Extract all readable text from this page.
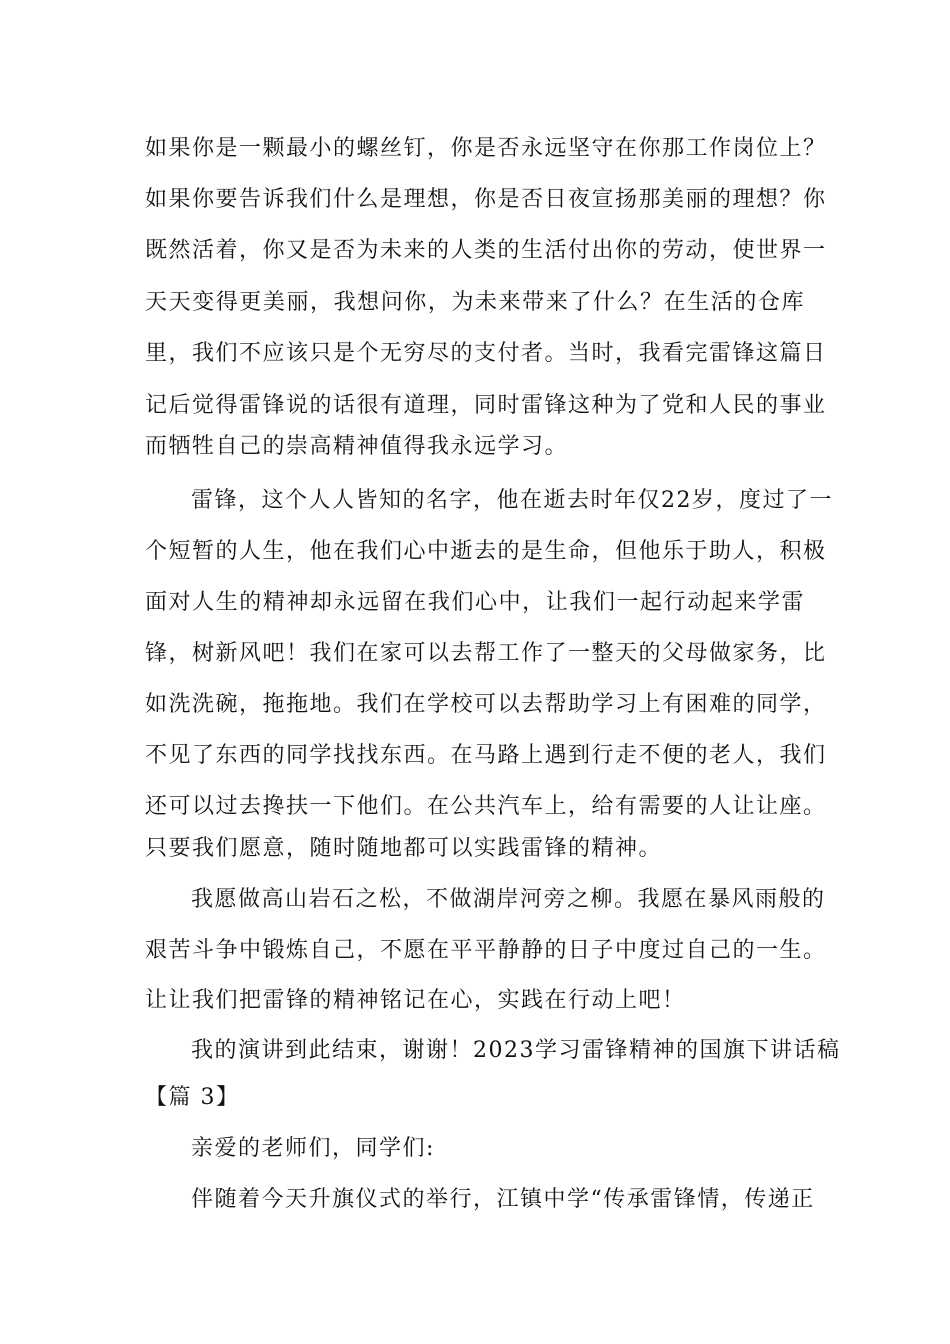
如果你是一颗最小的螺丝钉，你是否永远坚守在你那工作岗位上？
如果你要告诉我们什么是理想，你是否日夜宣扬那美丽的理想？你
既然活着，你又是否为未来的人类的生活付出你的劳动，使世界一
天天变得更美丽，我想问你，为未来带来了什么？在生活的仓库
里，我们不应该只是个无穷尽的支付者。当时，我看完雷锋这篇日
记后觉得雷锋说的话很有道理，同时雷锋这种为了党和人民的事业
而牺牲自己的崇高精神值得我永远学习。
雷锋，这个人人皆知的名字，他在逝去时年仅22岁，度过了一
个短暂的人生，他在我们心中逝去的是生命，但他乐于助人，积极
面对人生的精神却永远留在我们心中，让我们一起行动起来学雷
锋，树新风吧！我们在家可以去帮工作了一整天的父母做家务，比
如洗洗碗，拖拖地。我们在学校可以去帮助学习上有困难的同学，
不见了东西的同学找找东西。在马路上遇到行走不便的老人，我们
还可以过去搀扶一下他们。在公共汽车上，给有需要的人让让座。
只要我们愿意，随时随地都可以实践雷锋的精神。
我愿做高山岩石之松，不做湖岸河旁之柳。我愿在暴风雨般的
艰苦斗争中锻炼自己，不愿在平平静静的日子中度过自己的一生。
让让我们把雷锋的精神铭记在心，实践在行动上吧！
我的演讲到此结束，谢谢！2023学习雷锋精神的国旗下讲话稿
【篇 3】
亲爱的老师们，同学们:
伴随着今天升旗仪式的举行，江镇中学“传承雷锋情，传递正
